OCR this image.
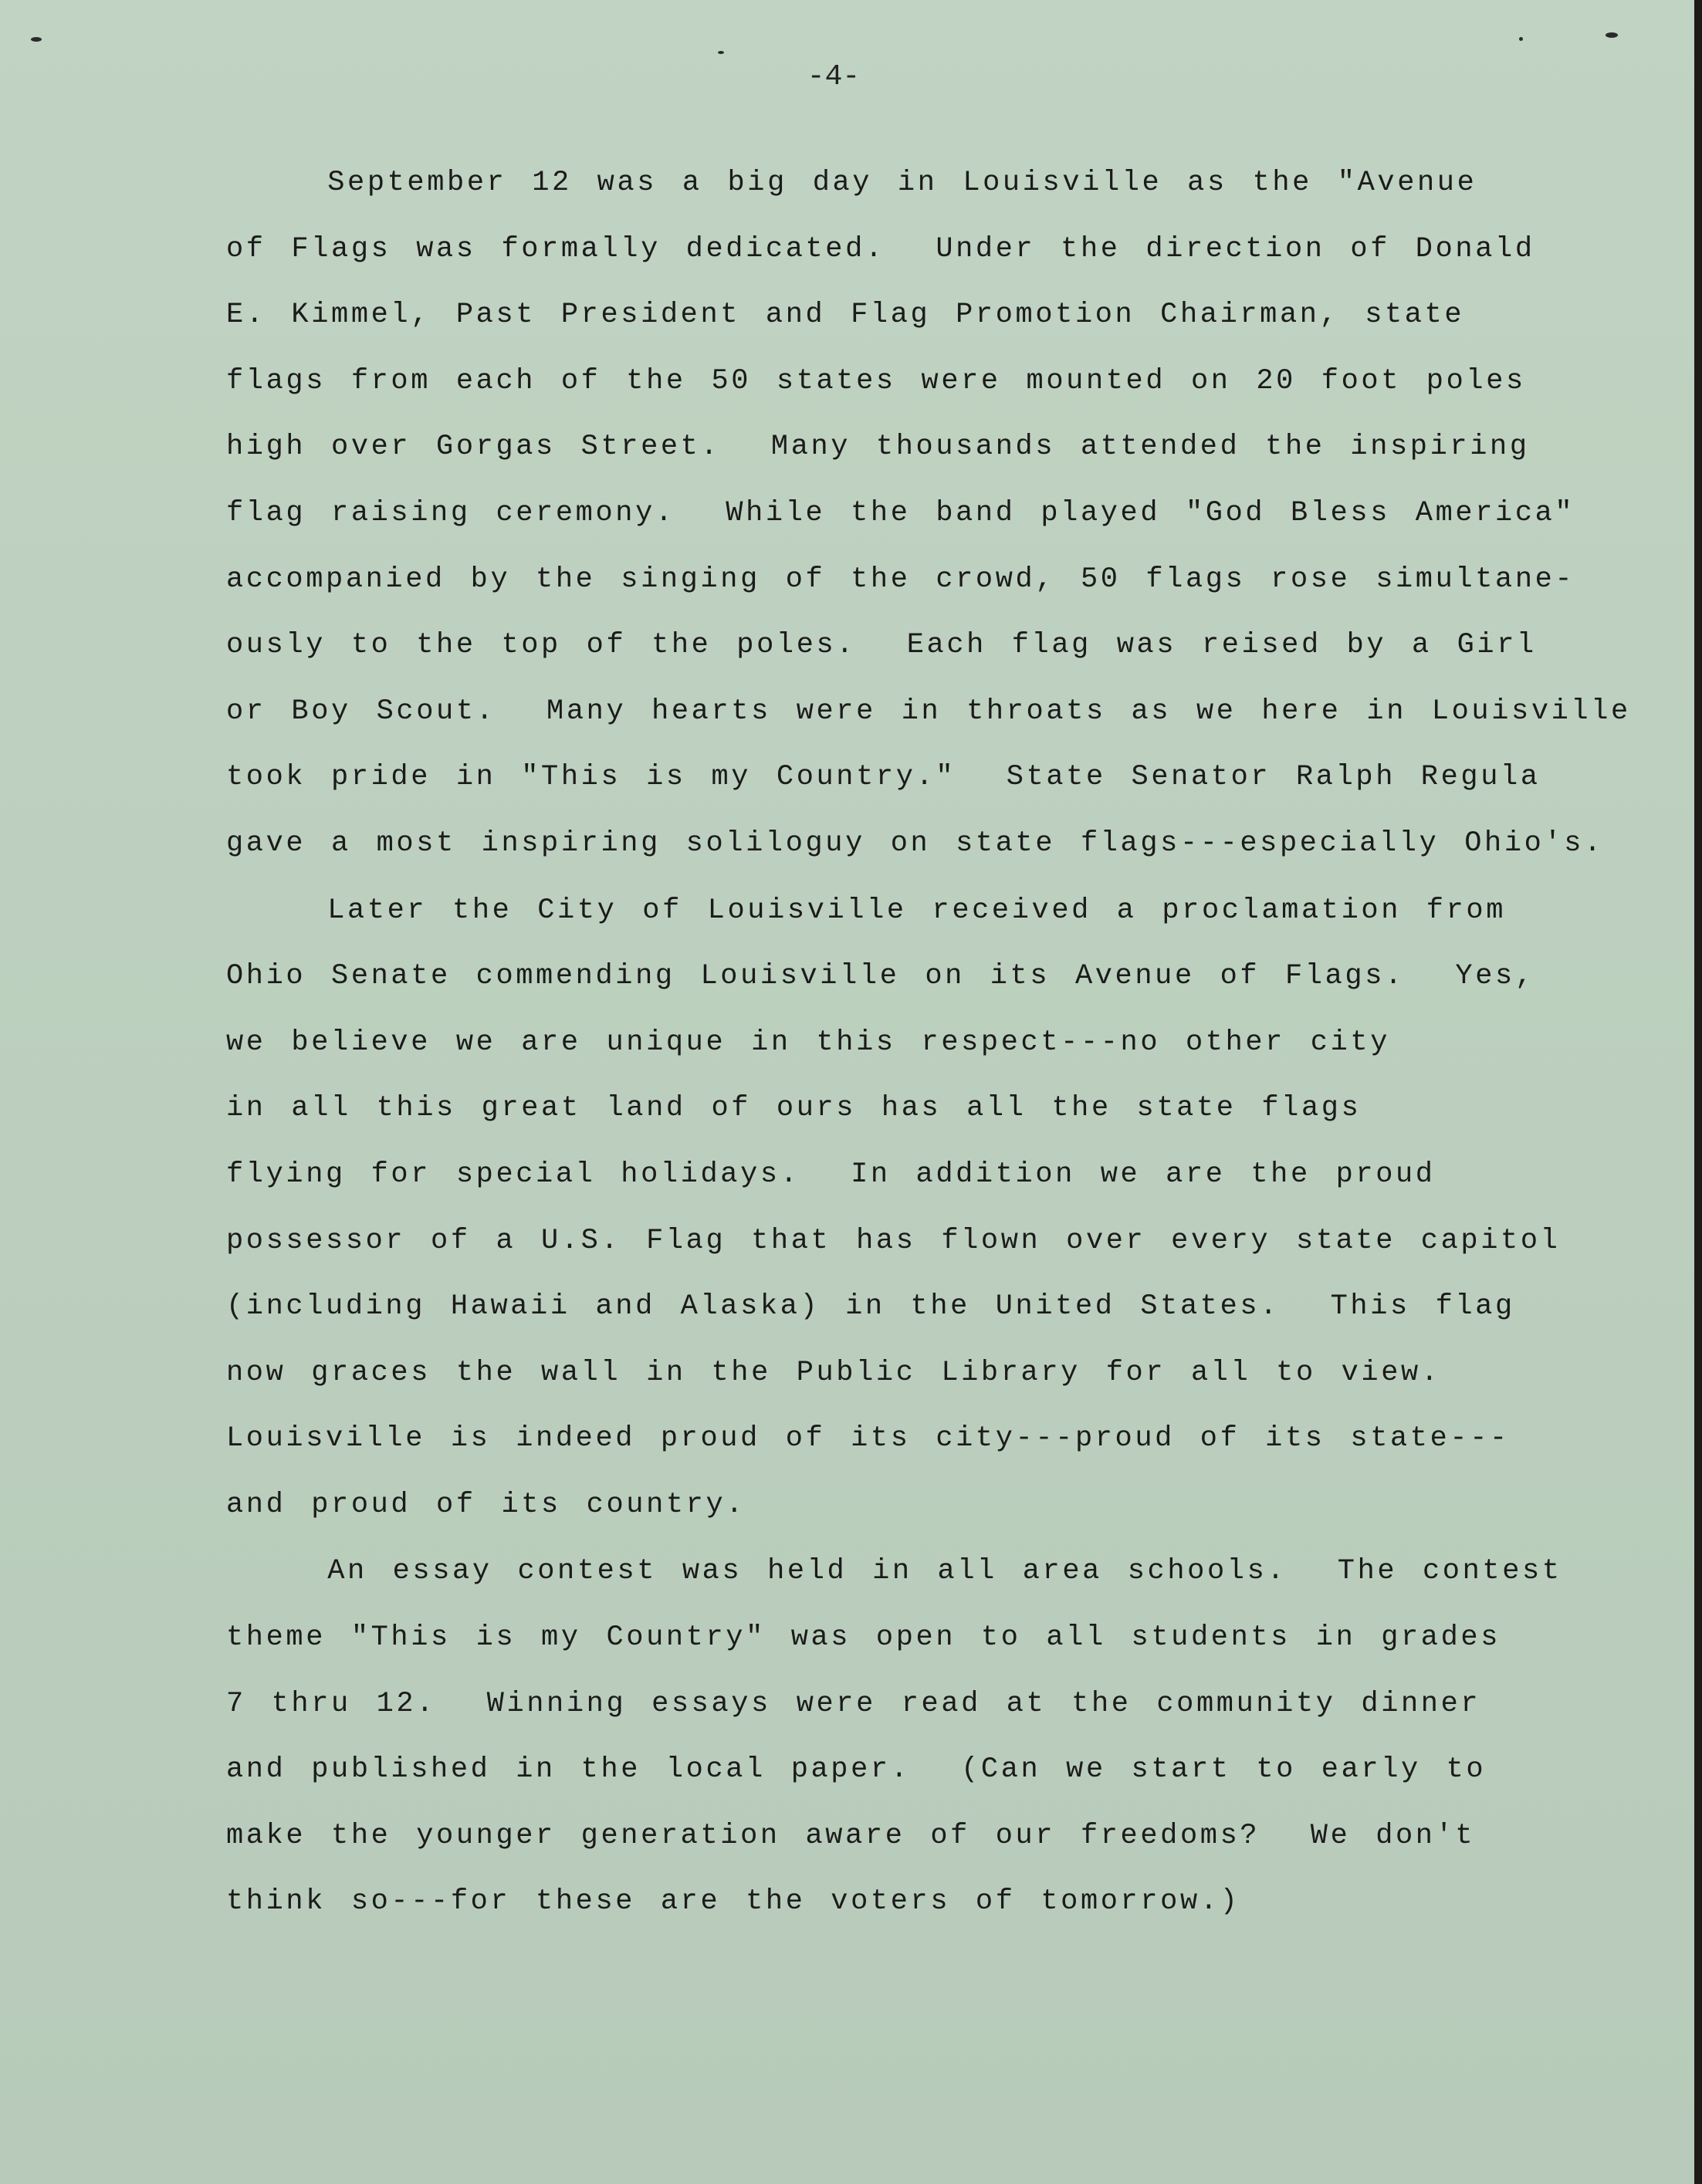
-4-
September 12 was a big day in Louisville as the "Avenue
of Flags was formally dedicated.  Under the direction of Donald
E. Kimmel, Past President and Flag Promotion Chairman, state
flags from each of the 50 states were mounted on 20 foot poles
high over Gorgas Street.  Many thousands attended the inspiring
flag raising ceremony.  While the band played "God Bless America"
accompanied by the singing of the crowd, 50 flags rose simultane-
ously to the top of the poles.  Each flag was reised by a Girl
or Boy Scout.  Many hearts were in throats as we here in Louisville
took pride in "This is my Country."  State Senator Ralph Regula
gave a most inspiring soliloguy on state flags---especially Ohio's.
Later the City of Louisville received a proclamation from
Ohio Senate commending Louisville on its Avenue of Flags.  Yes,
we believe we are unique in this respect---no other city
in all this great land of ours has all the state flags
flying for special holidays.  In addition we are the proud
possessor of a U.S. Flag that has flown over every state capitol
(including Hawaii and Alaska) in the United States.  This flag
now graces the wall in the Public Library for all to view.
Louisville is indeed proud of its city---proud of its state---
and proud of its country.
An essay contest was held in all area schools.  The contest
theme "This is my Country" was open to all students in grades
7 thru 12.  Winning essays were read at the community dinner
and published in the local paper.  (Can we start to early to
make the younger generation aware of our freedoms?  We don't
think so---for these are the voters of tomorrow.)
